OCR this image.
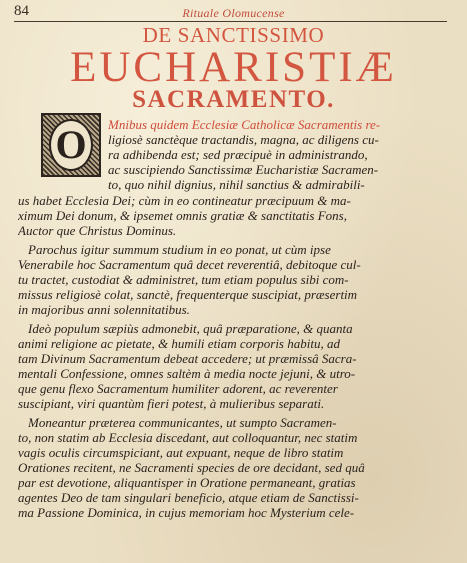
84	Rituale Olomucense
DE SANCTISSIMO
EUCHARISTIÆ
SACRAMENTO.
O	Mnibus quidem Ecclesiæ Catholicæ Sacramentis re-
ligiosè sanctèque tractandis, magna, ac diligens cu-
ra adhibenda est; sed præcipuè in administrando,
ac suscipiendo Sanctissimæ Eucharistiæ Sacramen-
to, quo nihil dignius, nihil sanctius & admirabili-
us habet Ecclesia Dei; cùm in eo contineatur præcipuum & ma-
ximum Dei donum, & ipsemet omnis gratiæ & sanctitatis Fons,
Auctor que Christus Dominus.
Parochus igitur summum studium in eo ponat, ut cùm ipse
Venerabile hoc Sacramentum quâ decet reverentiâ, debitoque cul-
tu tractet, custodiat & administret, tum etiam populus sibi com-
missus religiosè colat, sanctè, frequenterque suscipiat, præsertim
in majoribus anni solennitatibus.
Ideò populum sæpiùs admonebit, quâ præparatione, & quanta
animi religione ac pietate, & humili etiam corporis habitu, ad
tam Divinum Sacramentum debeat accedere; ut præmissâ Sacra-
mentali Confessione, omnes saltèm à media nocte jejuni, & utro-
que genu flexo Sacramentum humiliter adorent, ac reverenter
suscipiant, viri quantùm fieri potest, à mulieribus separati.
Moneantur præterea communicantes, ut sumpto Sacramen-
to, non statim ab Ecclesia discedant, aut colloquantur, nec statim
vagis oculis circumspiciant, aut expuant, neque de libro statim
Orationes recitent, ne Sacramenti species de ore decidant, sed quâ
par est devotione, aliquantisper in Oratione permaneant, gratias
agentes Deo de tam singulari beneficio, atque etiam de Sanctissi-
ma Passione Dominica, in cujus memoriam hoc Mysterium cele-
